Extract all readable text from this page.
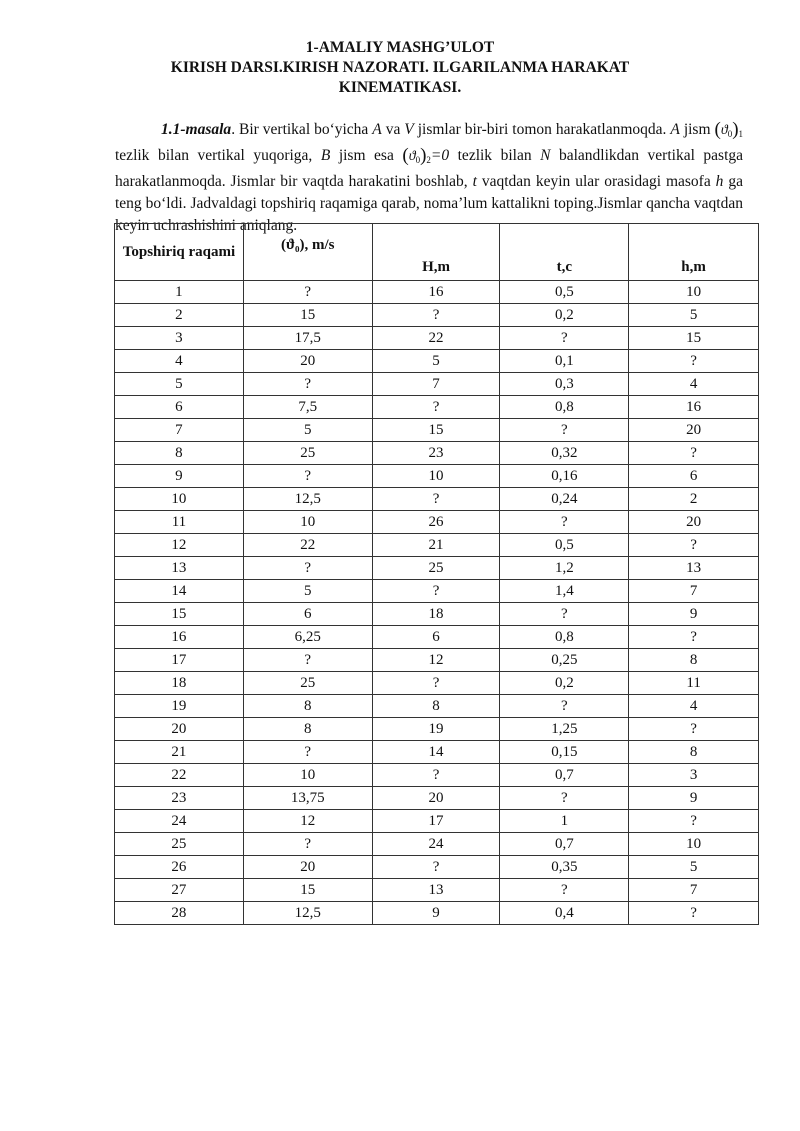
1-AMALIY MASHG’ULOT
KIRISH DARSI.KIRISH NAZORATI. ILGARILANMA HARAKAT
KINEMATIKASI.

1.1-masala. Bir vertikal bo‘yicha A va V jismlar bir-biri tomon harakatlanmoqda. A jism $(ϑ_0)_1$ tezlik bilan vertikal yuqoriga, B jism esa $(ϑ_0)_2=0$ tezlik bilan N balandlikdan vertikal pastga harakatlanmoqda. Jismlar bir vaqtda harakatini boshlab, t vaqtdan keyin ular orasidagi masofa h ga teng bo‘ldi. Jadvaldagi topshiriq raqamiga qarab, noma’lum kattalikni toping.Jismlar qancha vaqtdan keyin uchrashishini aniqlang.

Topshiriq raqami	(ϑ₀), m/s	H,m	t,c	h,m
1	?	16	0,5	10
2	15	?	0,2	5
3	17,5	22	?	15
4	20	5	0,1	?
5	?	7	0,3	4
6	7,5	?	0,8	16
7	5	15	?	20
8	25	23	0,32	?
9	?	10	0,16	6
10	12,5	?	0,24	2
11	10	26	?	20
12	22	21	0,5	?
13	?	25	1,2	13
14	5	?	1,4	7
15	6	18	?	9
16	6,25	6	0,8	?
17	?	12	0,25	8
18	25	?	0,2	11
19	8	8	?	4
20	8	19	1,25	?
21	?	14	0,15	8
22	10	?	0,7	3
23	13,75	20	?	9
24	12	17	1	?
25	?	24	0,7	10
26	20	?	0,35	5
27	15	13	?	7
28	12,5	9	0,4	?
